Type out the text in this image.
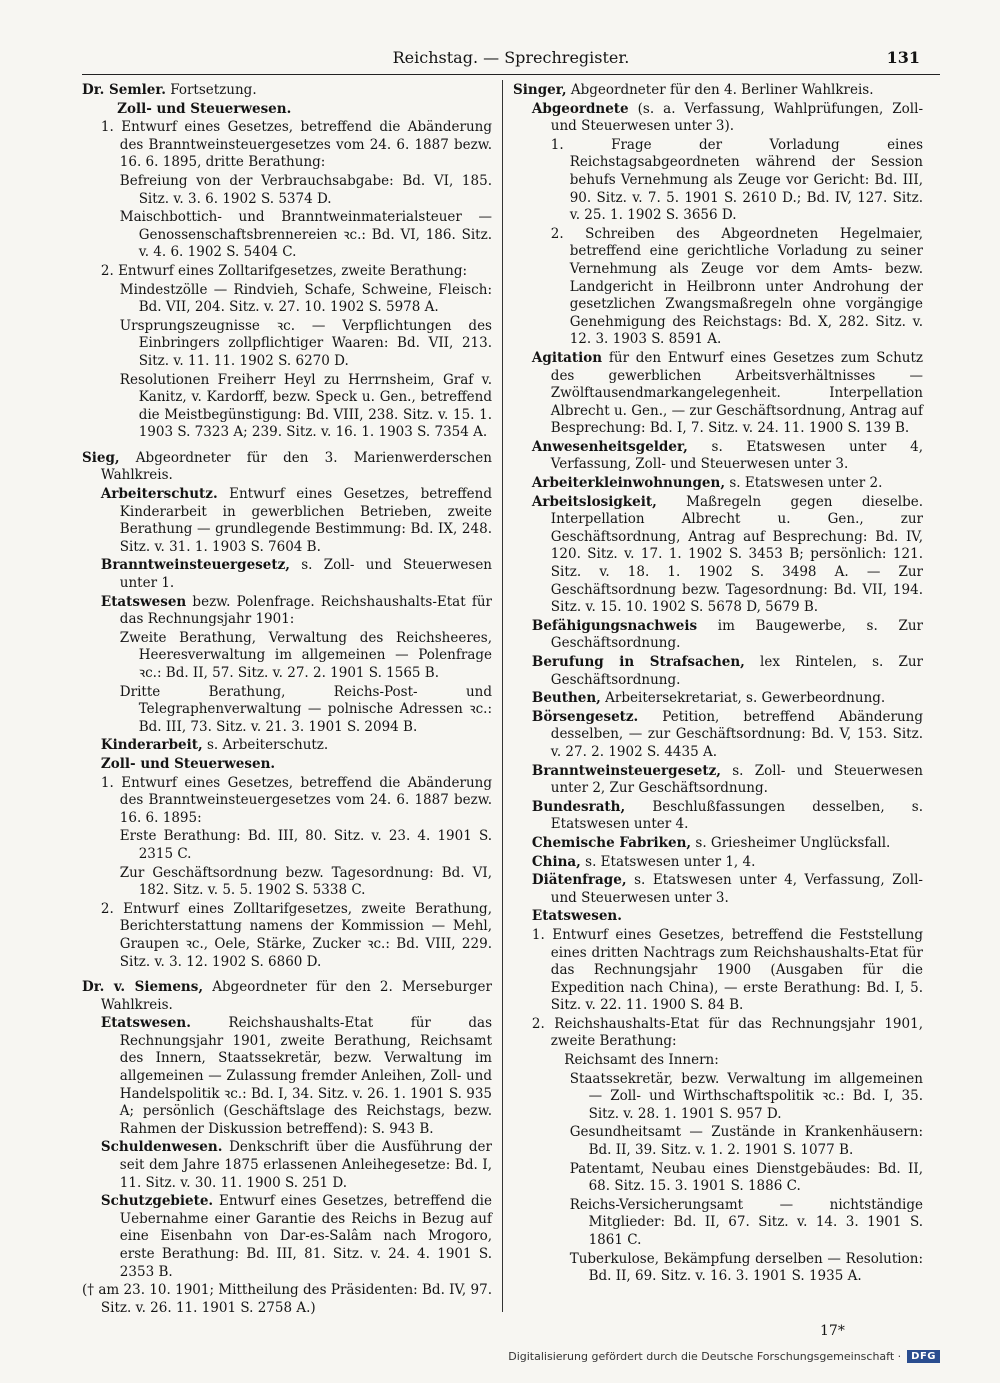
Reichstag. — Sprechregister.	131
Dr. Semler. Fortsetzung.
Zoll- und Steuerwesen.
1. Entwurf eines Gesetzes, betreffend die Abänderung des Branntweinsteuergesetzes vom 24. 6. 1887 bezw. 16. 6. 1895, dritte Berathung:
Befreiung von der Verbrauchsabgabe: Bd. VI, 185. Sitz. v. 3. 6. 1902 S. 5374 D.
Maischbottich- und Branntweinmaterialsteuer — Genossenschaftsbrennereien ꝛc.: Bd. VI, 186. Sitz. v. 4. 6. 1902 S. 5404 C.
2. Entwurf eines Zolltarifgesetzes, zweite Berathung:
Mindestzölle — Rindvieh, Schafe, Schweine, Fleisch: Bd. VII, 204. Sitz. v. 27. 10. 1902 S. 5978 A.
Ursprungszeugnisse ꝛc. — Verpflichtungen des Einbringers zollpflichtiger Waaren: Bd. VII, 213. Sitz. v. 11. 11. 1902 S. 6270 D.
Resolutionen Freiherr Heyl zu Herrnsheim, Graf v. Kanitz, v. Kardorff, bezw. Speck u. Gen., betreffend die Meistbegünstigung: Bd. VIII, 238. Sitz. v. 15. 1. 1903 S. 7323 A; 239. Sitz. v. 16. 1. 1903 S. 7354 A.
Sieg, Abgeordneter für den 3. Marienwerderschen Wahlkreis.
Arbeiterschutz. Entwurf eines Gesetzes, betreffend Kinderarbeit in gewerblichen Betrieben, zweite Berathung — grundlegende Bestimmung: Bd. IX, 248. Sitz. v. 31. 1. 1903 S. 7604 B.
Branntweinsteuergesetz, s. Zoll- und Steuerwesen unter 1.
Etatswesen bezw. Polenfrage. Reichshaushalts-Etat für das Rechnungsjahr 1901:
Zweite Berathung, Verwaltung des Reichsheeres, Heeresverwaltung im allgemeinen — Polenfrage ꝛc.: Bd. II, 57. Sitz. v. 27. 2. 1901 S. 1565 B.
Dritte Berathung, Reichs-Post- und Telegraphenverwaltung — polnische Adressen ꝛc.: Bd. III, 73. Sitz. v. 21. 3. 1901 S. 2094 B.
Kinderarbeit, s. Arbeiterschutz.
Zoll- und Steuerwesen.
1. Entwurf eines Gesetzes, betreffend die Abänderung des Branntweinsteuergesetzes vom 24. 6. 1887 bezw. 16. 6. 1895:
Erste Berathung: Bd. III, 80. Sitz. v. 23. 4. 1901 S. 2315 C.
Zur Geschäftsordnung bezw. Tagesordnung: Bd. VI, 182. Sitz. v. 5. 5. 1902 S. 5338 C.
2. Entwurf eines Zolltarifgesetzes, zweite Berathung, Berichterstattung namens der Kommission — Mehl, Graupen ꝛc., Oele, Stärke, Zucker ꝛc.: Bd. VIII, 229. Sitz. v. 3. 12. 1902 S. 6860 D.
Dr. v. Siemens, Abgeordneter für den 2. Merseburger Wahlkreis.
Etatswesen. Reichshaushalts-Etat für das Rechnungsjahr 1901, zweite Berathung, Reichsamt des Innern, Staatssekretär, bezw. Verwaltung im allgemeinen — Zulassung fremder Anleihen, Zoll- und Handelspolitik ꝛc.: Bd. I, 34. Sitz. v. 26. 1. 1901 S. 935 A; persönlich (Geschäftslage des Reichstags, bezw. Rahmen der Diskussion betreffend): S. 943 B.
Schuldenwesen. Denkschrift über die Ausführung der seit dem Jahre 1875 erlassenen Anleihegesetze: Bd. I, 11. Sitz. v. 30. 11. 1900 S. 251 D.
Schutzgebiete. Entwurf eines Gesetzes, betreffend die Uebernahme einer Garantie des Reichs in Bezug auf eine Eisenbahn von Dar-es-Salâm nach Mrogoro, erste Berathung: Bd. III, 81. Sitz. v. 24. 4. 1901 S. 2353 B.
(† am 23. 10. 1901; Mittheilung des Präsidenten: Bd. IV, 97. Sitz. v. 26. 11. 1901 S. 2758 A.)
Singer, Abgeordneter für den 4. Berliner Wahlkreis.
Abgeordnete (s. a. Verfassung, Wahlprüfungen, Zoll- und Steuerwesen unter 3).
1. Frage der Vorladung eines Reichstagsabgeordneten während der Session behufs Vernehmung als Zeuge vor Gericht: Bd. III, 90. Sitz. v. 7. 5. 1901 S. 2610 D.; Bd. IV, 127. Sitz. v. 25. 1. 1902 S. 3656 D.
2. Schreiben des Abgeordneten Hegelmaier, betreffend eine gerichtliche Vorladung zu seiner Vernehmung als Zeuge vor dem Amts- bezw. Landgericht in Heilbronn unter Androhung der gesetzlichen Zwangsmaßregeln ohne vorgängige Genehmigung des Reichstags: Bd. X, 282. Sitz. v. 12. 3. 1903 S. 8591 A.
Agitation für den Entwurf eines Gesetzes zum Schutz des gewerblichen Arbeitsverhältnisses — Zwölftausendmarkangelegenheit. Interpellation Albrecht u. Gen., — zur Geschäftsordnung, Antrag auf Besprechung: Bd. I, 7. Sitz. v. 24. 11. 1900 S. 139 B.
Anwesenheitsgelder, s. Etatswesen unter 4, Verfassung, Zoll- und Steuerwesen unter 3.
Arbeiterkleinwohnungen, s. Etatswesen unter 2.
Arbeitslosigkeit, Maßregeln gegen dieselbe. Interpellation Albrecht u. Gen., zur Geschäftsordnung, Antrag auf Besprechung: Bd. IV, 120. Sitz. v. 17. 1. 1902 S. 3453 B; persönlich: 121. Sitz. v. 18. 1. 1902 S. 3498 A. — Zur Geschäftsordnung bezw. Tagesordnung: Bd. VII, 194. Sitz. v. 15. 10. 1902 S. 5678 D, 5679 B.
Befähigungsnachweis im Baugewerbe, s. Zur Geschäftsordnung.
Berufung in Strafsachen, lex Rintelen, s. Zur Geschäftsordnung.
Beuthen, Arbeitersekretariat, s. Gewerbeordnung.
Börsengesetz. Petition, betreffend Abänderung desselben, — zur Geschäftsordnung: Bd. V, 153. Sitz. v. 27. 2. 1902 S. 4435 A.
Branntweinsteuergesetz, s. Zoll- und Steuerwesen unter 2, Zur Geschäftsordnung.
Bundesrath, Beschlußfassungen desselben, s. Etatswesen unter 4.
Chemische Fabriken, s. Griesheimer Unglücksfall.
China, s. Etatswesen unter 1, 4.
Diätenfrage, s. Etatswesen unter 4, Verfassung, Zoll- und Steuerwesen unter 3.
Etatswesen.
1. Entwurf eines Gesetzes, betreffend die Feststellung eines dritten Nachtrags zum Reichshaushalts-Etat für das Rechnungsjahr 1900 (Ausgaben für die Expedition nach China), — erste Berathung: Bd. I, 5. Sitz. v. 22. 11. 1900 S. 84 B.
2. Reichshaushalts-Etat für das Rechnungsjahr 1901, zweite Berathung:
Reichsamt des Innern:
Staatssekretär, bezw. Verwaltung im allgemeinen — Zoll- und Wirthschaftspolitik ꝛc.: Bd. I, 35. Sitz. v. 28. 1. 1901 S. 957 D.
Gesundheitsamt — Zustände in Krankenhäusern: Bd. II, 39. Sitz. v. 1. 2. 1901 S. 1077 B.
Patentamt, Neubau eines Dienstgebäudes: Bd. II, 68. Sitz. 15. 3. 1901 S. 1886 C.
Reichs-Versicherungsamt — nichtständige Mitglieder: Bd. II, 67. Sitz. v. 14. 3. 1901 S. 1861 C.
Tuberkulose, Bekämpfung derselben — Resolution: Bd. II, 69. Sitz. v. 16. 3. 1901 S. 1935 A.
17*
Digitalisierung gefördert durch die Deutsche Forschungsgemeinschaft ·	DFG
